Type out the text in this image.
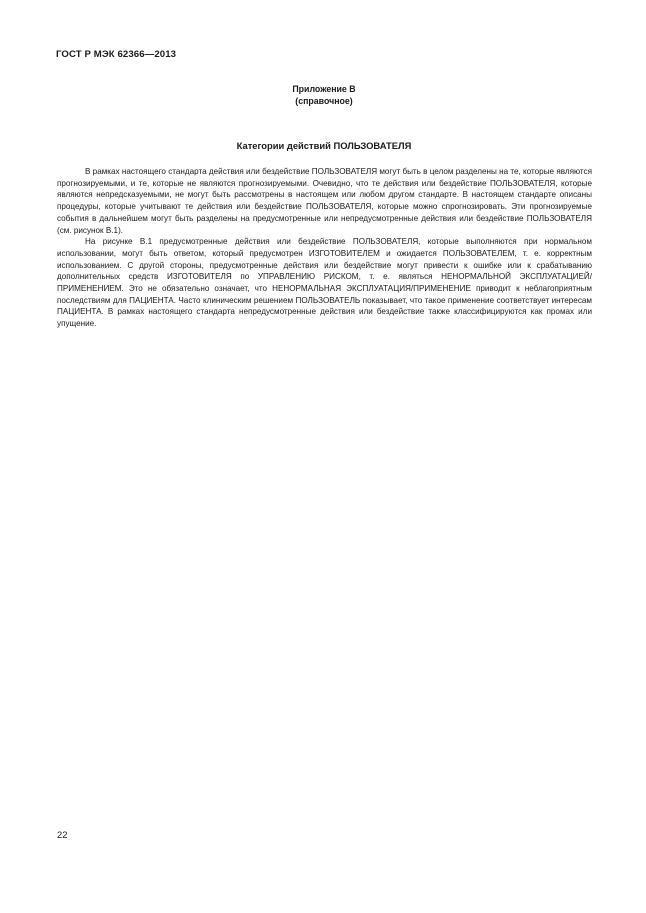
ГОСТ Р МЭК 62366—2013
Приложение В
(справочное)
Категории действий ПОЛЬЗОВАТЕЛЯ

В рамках настоящего стандарта действия или бездействие ПОЛЬЗОВАТЕЛЯ могут быть в целом разделены на те, которые являются прогнозируемыми, и те, которые не являются прогнозируемыми. Очевидно, что те действия или бездействие ПОЛЬЗОВАТЕЛЯ, которые являются непредсказуемыми, не могут быть рассмотрены в настоящем или любом другом стандарте. В настоящем стандарте описаны процедуры, которые учитывают те действия или бездействие ПОЛЬЗОВАТЕЛЯ, которые можно спрогнозировать. Эти прогнозируемые события в дальнейшем могут быть разделены на предусмотренные или непредусмотренные действия или бездействие ПОЛЬЗОВАТЕЛЯ (см. рисунок В.1).

На рисунке В.1 предусмотренные действия или бездействие ПОЛЬЗОВАТЕЛЯ, которые выполняются при нормальном использовании, могут быть ответом, который предусмотрен ИЗГОТОВИТЕЛЕМ и ожидается ПОЛЬЗОВАТЕЛЕМ, т. е. корректным использованием. С другой стороны, предусмотренные действия или бездействие могут привести к ошибке или к срабатыванию дополнительных средств ИЗГОТОВИТЕЛЯ по УПРАВЛЕНИЮ РИСКОМ, т. е. являться НЕНОРМАЛЬНОЙ ЭКСПЛУАТАЦИЕЙ/ПРИМЕНЕНИЕМ. Это не обязательно означает, что НЕНОРМАЛЬНАЯ ЭКСПЛУАТАЦИЯ/ПРИМЕНЕНИЕ приводит к неблагоприятным последствиям для ПАЦИЕНТА. Часто клиническим решением ПОЛЬЗОВАТЕЛЬ показывает, что такое применение соответствует интересам ПАЦИЕНТА. В рамках настоящего стандарта непредусмотренные действия или бездействие также классифицируются как промах или упущение.

22
